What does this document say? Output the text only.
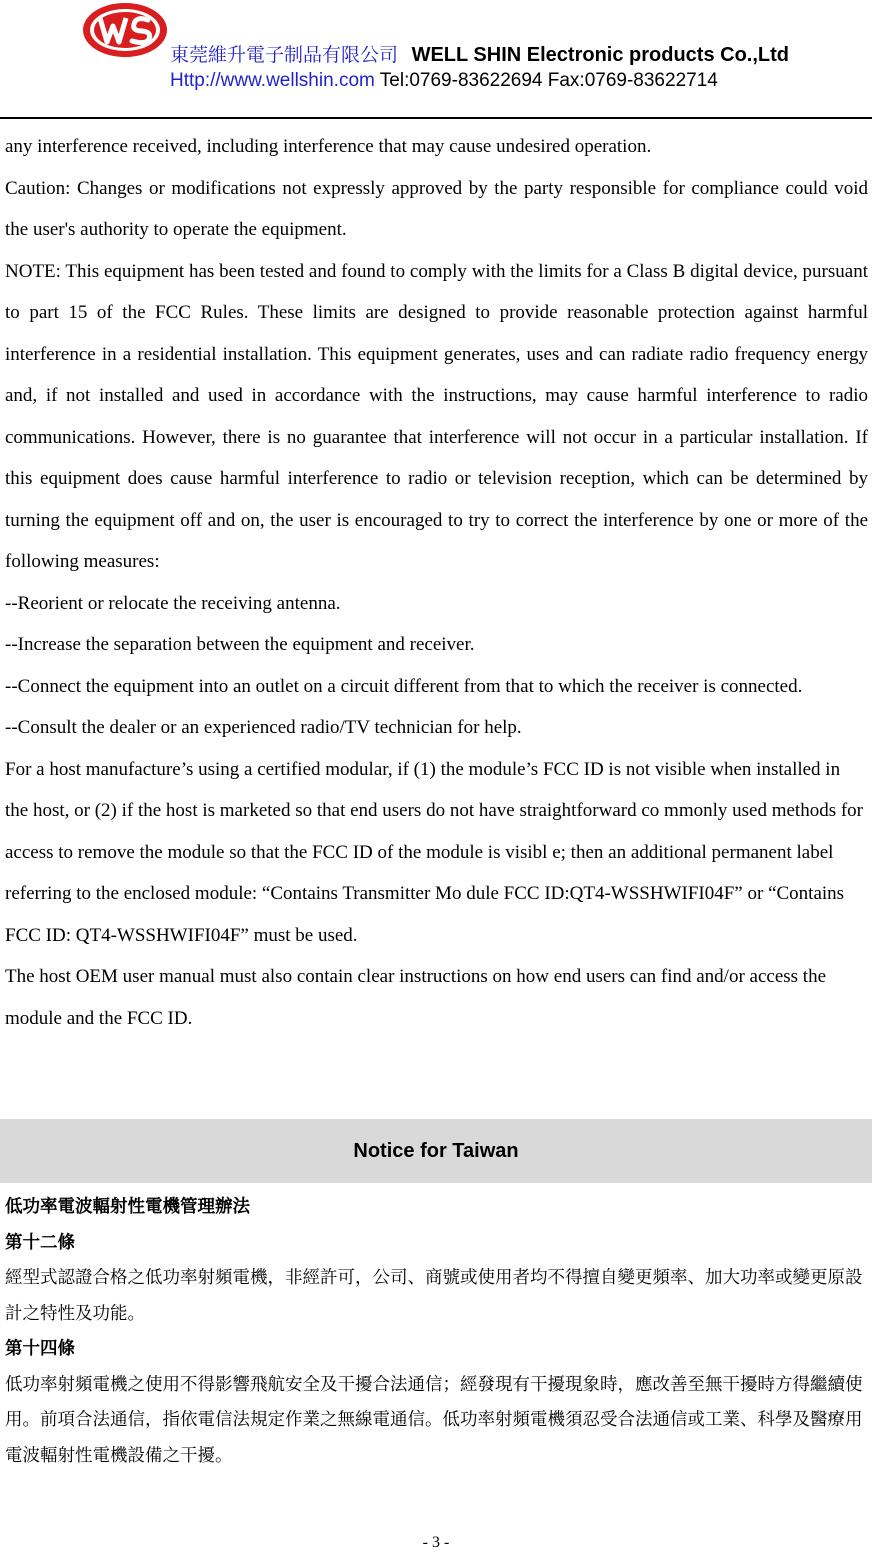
東莞維升電子制品有限公司 WELL SHIN Electronic products Co.,Ltd
Http://www.wellshin.com Tel:0769-83622694 Fax:0769-83622714

any interference received, including interference that may cause undesired operation.

Caution: Changes or modifications not expressly approved by the party responsible for compliance could void the user's authority to operate the equipment.

NOTE: This equipment has been tested and found to comply with the limits for a Class B digital device, pursuant to part 15 of the FCC Rules. These limits are designed to provide reasonable protection against harmful interference in a residential installation. This equipment generates, uses and can radiate radio frequency energy and, if not installed and used in accordance with the instructions, may cause harmful interference to radio communications. However, there is no guarantee that interference will not occur in a particular installation. If this equipment does cause harmful interference to radio or television reception, which can be determined by turning the equipment off and on, the user is encouraged to try to correct the interference by one or more of the following measures:

--Reorient or relocate the receiving antenna.

--Increase the separation between the equipment and receiver.

--Connect the equipment into an outlet on a circuit different from that to which the receiver is connected.

--Consult the dealer or an experienced radio/TV technician for help.

For a host manufacture’s using a certified modular, if (1) the module’s FCC ID is not visible when installed in the host, or (2) if the host is marketed so that end users do not have straightforward co mmonly used methods for access to remove the module so that the FCC ID of the module is visibl e; then an additional permanent label referring to the enclosed module: “Contains Transmitter Mo dule FCC ID:QT4-WSSHWIFI04F” or “Contains FCC ID: QT4-WSSHWIFI04F” must be used.

The host OEM user manual must also contain clear instructions on how end users can find and/or access the module and the FCC ID.

Notice for Taiwan

低功率電波輻射性電機管理辦法

第十二條

經型式認證合格之低功率射頻電機，非經許可，公司、商號或使用者均不得擅自變更頻率、加大功率或變更原設計之特性及功能。

第十四條

低功率射頻電機之使用不得影響飛航安全及干擾合法通信；經發現有干擾現象時，應改善至無干擾時方得繼續使用。前項合法通信，指依電信法規定作業之無線電通信。低功率射頻電機須忍受合法通信或工業、科學及醫療用電波輻射性電機設備之干擾。

- 3 -
